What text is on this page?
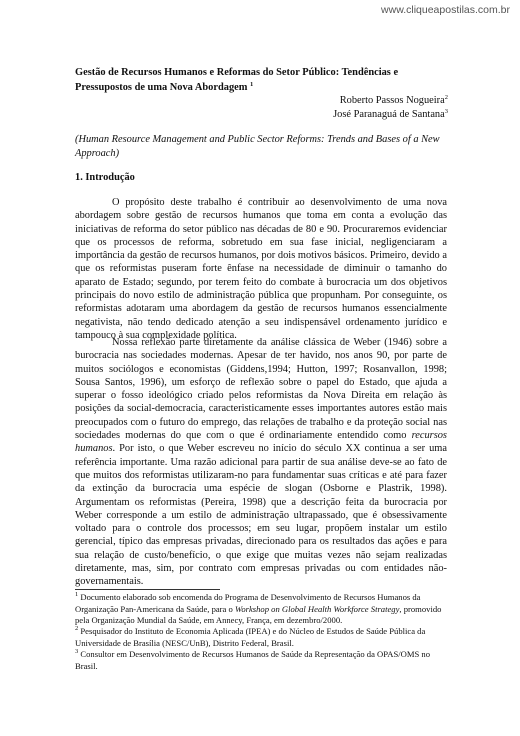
www.cliqueapostilas.com.br
Gestão de Recursos Humanos e Reformas do Setor Público: Tendências e Pressupostos de uma Nova Abordagem $^1$
Roberto Passos Nogueira$^2$
José Paranaguá de Santana$^3$
(Human Resource Management and Public Sector Reforms: Trends and Bases of a New Approach)
1. Introdução

O propósito deste trabalho é contribuir ao desenvolvimento de uma nova abordagem sobre gestão de recursos humanos que toma em conta a evolução das iniciativas de reforma do setor público nas décadas de 80 e 90. Procuraremos evidenciar que os processos de reforma, sobretudo em sua fase inicial, negligenciaram a importância da gestão de recursos humanos, por dois motivos básicos. Primeiro, devido a que os reformistas puseram forte ênfase na necessidade de diminuir o tamanho do aparato de Estado; segundo, por terem feito do combate à burocracia um dos objetivos principais do novo estilo de administração pública que propunham. Por conseguinte, os reformistas adotaram uma abordagem da gestão de recursos humanos essencialmente negativista, não tendo dedicado atenção a seu indispensável ordenamento jurídico e tampouco à sua complexidade política.

Nossa reflexão parte diretamente da análise clássica de Weber (1946) sobre a burocracia nas sociedades modernas. Apesar de ter havido, nos anos 90, por parte de muitos sociólogos e economistas (Giddens,1994; Hutton, 1997; Rosanvallon, 1998; Sousa Santos, 1996), um esforço de reflexão sobre o papel do Estado, que ajuda a superar o fosso ideológico criado pelos reformistas da Nova Direita em relação às posições da social-democracia, caracteristicamente esses importantes autores estão mais preocupados com o futuro do emprego, das relações de trabalho e da proteção social nas sociedades modernas do que com o que é ordinariamente entendido como recursos humanos. Por isto, o que Weber escreveu no início do século XX continua a ser uma referência importante. Uma razão adicional para partir de sua análise deve-se ao fato de que muitos dos reformistas utilizaram-no para fundamentar suas críticas e até para fazer da extinção da burocracia uma espécie de slogan (Osborne e Plastrik, 1998). Argumentam os reformistas (Pereira, 1998) que a descrição feita da burocracia por Weber corresponde a um estilo de administração ultrapassado, que é obsessivamente voltado para o controle dos processos; em seu lugar, propõem instalar um estilo gerencial, típico das empresas privadas, direcionado para os resultados das ações e para sua relação de custo/benefício, o que exige que muitas vezes não sejam realizadas diretamente, mas, sim, por contrato com empresas privadas ou com entidades não-governamentais.

$^1$ Documento elaborado sob encomenda do Programa de Desenvolvimento de Recursos Humanos da Organização Pan-Americana da Saúde, para o Workshop on Global Health Workforce Strategy, promovido pela Organização Mundial da Saúde, em Annecy, França, em dezembro/2000.

$^2$ Pesquisador do Instituto de Economia Aplicada (IPEA) e do Núcleo de Estudos de Saúde Pública da Universidade de Brasília (NESC/UnB), Distrito Federal, Brasil.

$^3$ Consultor em Desenvolvimento de Recursos Humanos de Saúde da Representação da OPAS/OMS no Brasil.
